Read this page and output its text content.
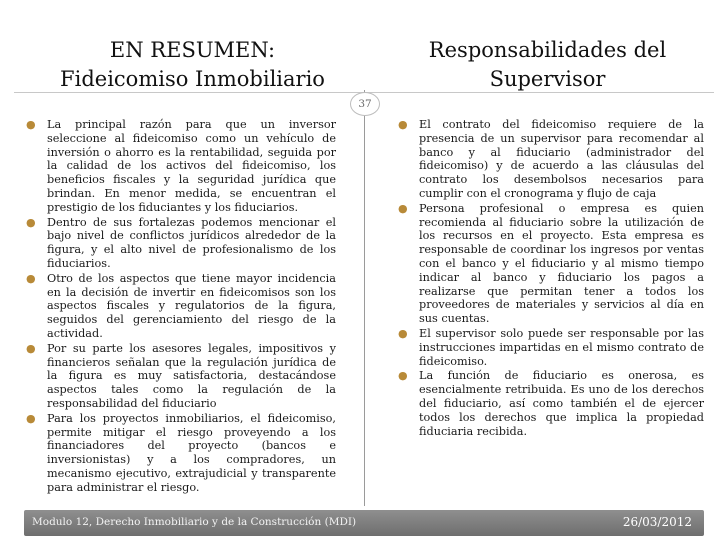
EN RESUMEN:
Fideicomiso Inmobiliario
Responsabilidades del
Supervisor
37
● La principal razón para que un inversor seleccione al fideicomiso como un vehículo de inversión o ahorro es la rentabilidad, seguida por la calidad de los activos del fideicomiso, los beneficios fiscales y la seguridad jurídica que brindan. En menor medida, se encuentran el prestigio de los fiduciantes y los fiduciarios.
● Dentro de sus fortalezas podemos mencionar el bajo nivel de conflictos jurídicos alrededor de la figura, y el alto nivel de profesionalismo de los fiduciarios.
● Otro de los aspectos que tiene mayor incidencia en la decisión de invertir en fideicomisos son los aspectos fiscales y regulatorios de la figura, seguidos del gerenciamiento del riesgo de la actividad.
● Por su parte los asesores legales, impositivos y financieros señalan que la regulación jurídica de la figura es muy satisfactoria, destacándose aspectos tales como la regulación de la responsabilidad del fiduciario
● Para los proyectos inmobiliarios, el fideicomiso, permite mitigar el riesgo proveyendo a los financiadores del proyecto (bancos e inversionistas) y a los compradores, un mecanismo ejecutivo, extrajudicial y transparente para administrar el riesgo.
● El contrato del fideicomiso requiere de la presencia de un supervisor para recomendar al banco y al fiduciario (administrador del fideicomiso) y de acuerdo a las cláusulas del contrato los desembolsos necesarios para cumplir con el cronograma y flujo de caja
● Persona profesional o empresa es quien recomienda al fiduciario sobre la utilización de los recursos en el proyecto. Esta empresa es responsable de coordinar los ingresos por ventas con el banco y el fiduciario y al mismo tiempo indicar al banco y fiduciario los pagos a realizarse que permitan tener a todos los proveedores de materiales y servicios al día en sus cuentas.
● El supervisor solo puede ser responsable por las instrucciones impartidas en el mismo contrato de fideicomiso.
● La función de fiduciario es onerosa, es esencialmente retribuida. Es uno de los derechos del fiduciario, así como también el de ejercer todos los derechos que implica la propiedad fiduciaria recibida.
Modulo 12, Derecho Inmobiliario y de la Construcción (MDI)	26/03/2012
